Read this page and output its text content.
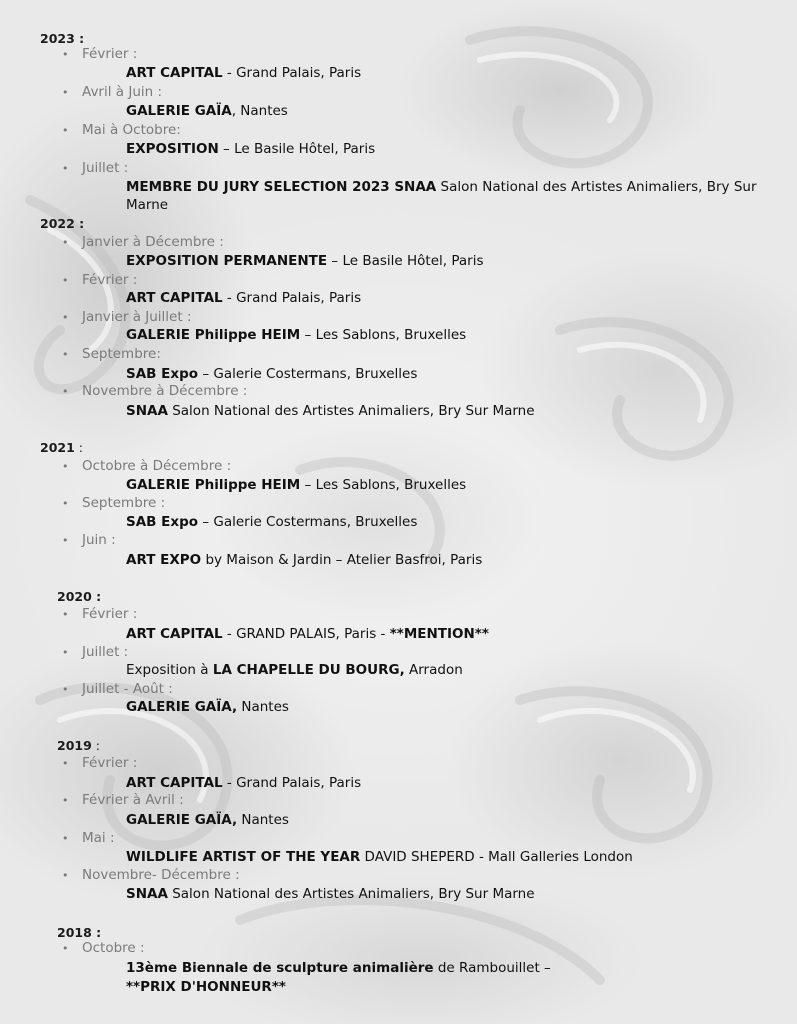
2023 :
• Février :
ART CAPITAL - Grand Palais, Paris
• Avril à Juin :
GALERIE GAÏA, Nantes
• Mai à Octobre:
EXPOSITION – Le Basile Hôtel, Paris
• Juillet :
MEMBRE DU JURY SELECTION 2023 SNAA Salon National des Artistes Animaliers, Bry Sur Marne
2022 :
• Janvier à Décembre :
EXPOSITION PERMANENTE – Le Basile Hôtel, Paris
• Février :
ART CAPITAL - Grand Palais, Paris
• Janvier à Juillet :
GALERIE Philippe HEIM – Les Sablons, Bruxelles
• Septembre:
SAB Expo – Galerie Costermans, Bruxelles
• Novembre à Décembre :
SNAA Salon National des Artistes Animaliers, Bry Sur Marne
2021 :
• Octobre à Décembre :
GALERIE Philippe HEIM – Les Sablons, Bruxelles
• Septembre :
SAB Expo – Galerie Costermans, Bruxelles
• Juin :
ART EXPO by Maison & Jardin – Atelier Basfroi, Paris
2020 :
• Février :
ART CAPITAL - GRAND PALAIS, Paris - **MENTION**
• Juillet :
Exposition à LA CHAPELLE DU BOURG, Arradon
• Juillet - Août :
GALERIE GAÏA, Nantes
2019 :
• Février :
ART CAPITAL - Grand Palais, Paris
• Février à Avril :
GALERIE GAÏA, Nantes
• Mai :
WILDLIFE ARTIST OF THE YEAR DAVID SHEPERD - Mall Galleries London
• Novembre- Décembre :
SNAA Salon National des Artistes Animaliers, Bry Sur Marne
2018 :
• Octobre :
13ème Biennale de sculpture animalière de Rambouillet –
**PRIX D'HONNEUR**
